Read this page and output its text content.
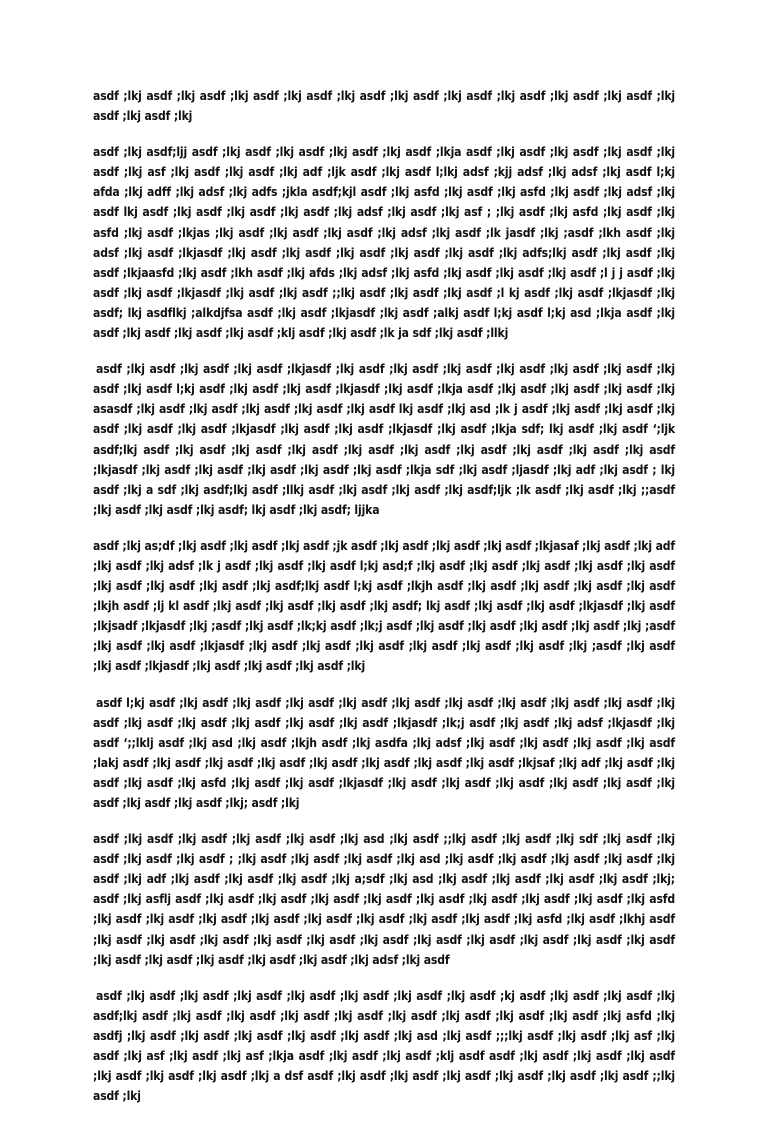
asdf ;lkj asdf ;lkj asdf ;lkj asdf ;lkj asdf ;lkj asdf ;lkj asdf ;lkj asdf ;lkj asdf ;lkj asdf ;lkj asdf ;lkj asdf ;lkj asdf ;lkj

asdf ;lkj asdf;ljj asdf ;lkj asdf ;lkj asdf ;lkj asdf ;lkj asdf ;lkja asdf ;lkj asdf ;lkj asdf ;lkj asdf ;lkj asdf ;lkj asf ;lkj asdf ;lkj asdf ;lkj adf ;ljk asdf ;lkj asdf l;lkj adsf ;kjj adsf ;lkj adsf ;lkj asdf l;kj afda ;lkj adff ;lkj adsf ;lkj adfs ;jkla asdf;kjl asdf ;lkj asfd ;lkj asdf ;lkj asfd ;lkj asdf ;lkj adsf ;lkj asdf lkj asdf ;lkj asdf ;lkj asdf ;lkj asdf ;lkj adsf ;lkj asdf ;lkj asf ; ;lkj asdf ;lkj asfd ;lkj asdf ;lkj asfd ;lkj asdf ;lkjas ;lkj asdf ;lkj asdf ;lkj asdf ;lkj adsf ;lkj asdf ;lk jasdf ;lkj ;asdf ;lkh asdf ;lkj adsf ;lkj asdf ;lkjasdf ;lkj asdf ;lkj asdf ;lkj asdf ;lkj asdf ;lkj asdf ;lkj adfs;lkj asdf ;lkj asdf ;lkj asdf ;lkjaasfd ;lkj asdf ;lkh asdf ;lkj afds ;lkj adsf ;lkj asfd ;lkj asdf ;lkj asdf ;lkj asdf ;l j j asdf ;lkj asdf ;lkj asdf ;lkjasdf ;lkj asdf ;lkj asdf ;;lkj asdf ;lkj asdf ;lkj asdf ;l kj asdf ;lkj asdf ;lkjasdf ;lkj asdf; lkj asdflkj ;alkdjfsa asdf ;lkj asdf ;lkjasdf ;lkj asdf ;alkj asdf l;kj asdf l;kj asd ;lkja asdf ;lkj asdf ;lkj asdf ;lkj asdf ;lkj asdf ;klj asdf ;lkj asdf ;lk ja sdf ;lkj asdf ;llkj

asdf ;lkj asdf ;lkj asdf ;lkj asdf ;lkjasdf ;lkj asdf ;lkj asdf ;lkj asdf ;lkj asdf ;lkj asdf ;lkj asdf ;lkj asdf ;lkj asdf l;kj asdf ;lkj asdf ;lkj asdf ;lkjasdf ;lkj asdf ;lkja asdf ;lkj asdf ;lkj asdf ;lkj asdf ;lkj asasdf ;lkj asdf ;lkj asdf ;lkj asdf ;lkj asdf ;lkj asdf lkj asdf ;lkj asd ;lk j asdf ;lkj asdf ;lkj asdf ;lkj asdf ;lkj asdf ;lkj asdf ;lkjasdf ;lkj asdf ;lkj asdf ;lkjasdf ;lkj asdf ;lkja sdf; lkj asdf ;lkj asdf ‘;ljk asdf;lkj asdf ;lkj asdf ;lkj asdf ;lkj asdf ;lkj asdf ;lkj asdf ;lkj asdf ;lkj asdf ;lkj asdf ;lkj asdf ;lkjasdf ;lkj asdf ;lkj asdf ;lkj asdf ;lkj asdf ;lkj asdf ;lkja sdf ;lkj asdf ;ljasdf ;lkj adf ;lkj asdf ; lkj asdf ;lkj a sdf ;lkj asdf;lkj asdf ;llkj asdf ;lkj asdf ;lkj asdf ;lkj asdf;ljk ;lk asdf ;lkj asdf ;lkj ;;asdf ;lkj asdf ;lkj asdf ;lkj asdf; lkj asdf ;lkj asdf; ljjka

asdf ;lkj as;df ;lkj asdf ;lkj asdf ;lkj asdf ;jk asdf ;lkj asdf ;lkj asdf ;lkj asdf ;lkjasaf ;lkj asdf ;lkj adf ;lkj asdf ;lkj adsf ;lk j asdf ;lkj asdf ;lkj asdf l;kj asd;f ;lkj asdf ;lkj asdf ;lkj asdf ;lkj asdf ;lkj asdf ;lkj asdf ;lkj asdf ;lkj asdf ;lkj asdf;lkj asdf l;kj asdf ;lkjh asdf ;lkj asdf ;lkj asdf ;lkj asdf ;lkj asdf ;lkjh asdf ;lj kl asdf ;lkj asdf ;lkj asdf ;lkj asdf ;lkj asdf; lkj asdf ;lkj asdf ;lkj asdf ;lkjasdf ;lkj asdf ;lkjsadf ;lkjasdf ;lkj ;asdf ;lkj asdf ;lk;kj asdf ;lk;j asdf ;lkj asdf ;lkj asdf ;lkj asdf ;lkj asdf ;lkj ;asdf ;lkj asdf ;lkj asdf ;lkjasdf ;lkj asdf ;lkj asdf ;lkj asdf ;lkj asdf ;lkj asdf ;lkj asdf ;lkj ;asdf ;lkj asdf ;lkj asdf ;lkjasdf ;lkj asdf ;lkj asdf ;lkj asdf ;lkj

asdf l;kj asdf ;lkj asdf ;lkj asdf ;lkj asdf ;lkj asdf ;lkj asdf ;lkj asdf ;lkj asdf ;lkj asdf ;lkj asdf ;lkj asdf ;lkj asdf ;lkj asdf ;lkj asdf ;lkj asdf ;lkj asdf ;lkjasdf ;lk;j asdf ;lkj asdf ;lkj adsf ;lkjasdf ;lkj asdf ‘;;lklj asdf ;lkj asd ;lkj asdf ;lkjh asdf ;lkj asdfa ;lkj adsf ;lkj asdf ;lkj asdf ;lkj asdf ;lkj asdf ;lakj asdf ;lkj asdf ;lkj asdf ;lkj asdf ;lkj asdf ;lkj asdf ;lkj asdf ;lkj asdf ;lkjsaf ;lkj adf ;lkj asdf ;lkj asdf ;lkj asdf ;lkj asfd ;lkj asdf ;lkj asdf ;lkjasdf ;lkj asdf ;lkj asdf ;lkj asdf ;lkj asdf ;lkj asdf ;lkj asdf ;lkj asdf ;lkj asdf ;lkj; asdf ;lkj

asdf ;lkj asdf ;lkj asdf ;lkj asdf ;lkj asdf ;lkj asd ;lkj asdf ;;lkj asdf ;lkj asdf ;lkj sdf ;lkj asdf ;lkj asdf ;lkj asdf ;lkj asdf ; ;lkj asdf ;lkj asdf ;lkj asdf ;lkj asd ;lkj asdf ;lkj asdf ;lkj asdf ;lkj asdf ;lkj asdf ;lkj adf ;lkj asdf ;lkj asdf ;lkj asdf ;lkj a;sdf ;lkj asd ;lkj asdf ;lkj asdf ;lkj asdf ;lkj asdf ;lkj; asdf ;lkj asflj asdf ;lkj asdf ;lkj asdf ;lkj asdf ;lkj asdf ;lkj asdf ;lkj asdf ;lkj asdf ;lkj asdf ;lkj asfd ;lkj asdf ;lkj asdf ;lkj asdf ;lkj asdf ;lkj asdf ;lkj asdf ;lkj asdf ;lkj asdf ;lkj asfd ;lkj asdf ;lkhj asdf ;lkj asdf ;lkj asdf ;lkj asdf ;lkj asdf ;lkj asdf ;lkj asdf ;lkj asdf ;lkj asdf ;lkj asdf ;lkj asdf ;lkj asdf ;lkj asdf ;lkj asdf ;lkj asdf ;lkj asdf ;lkj asdf ;lkj adsf ;lkj asdf

asdf ;lkj asdf ;lkj asdf ;lkj asdf ;lkj asdf ;lkj asdf ;lkj asdf ;lkj asdf ;kj asdf ;lkj asdf ;lkj asdf ;lkj asdf;lkj asdf ;lkj asdf ;lkj asdf ;lkj asdf ;lkj asdf ;lkj asdf ;lkj asdf ;lkj asdf ;lkj asdf ;lkj asfd ;lkj asdfj ;lkj asdf ;lkj asdf ;lkj asdf ;lkj asdf ;lkj asdf ;lkj asd ;lkj asdf ;;;lkj asdf ;lkj asdf ;lkj asf ;lkj asdf ;lkj asf ;lkj asdf ;lkj asf ;lkja asdf ;lkj asdf ;lkj asdf ;klj asdf asdf ;lkj asdf ;lkj asdf ;lkj asdf ;lkj asdf ;lkj asdf ;lkj asdf ;lkj a dsf asdf ;lkj asdf ;lkj asdf ;lkj asdf ;lkj asdf ;lkj asdf ;lkj asdf ;;lkj asdf ;lkj
